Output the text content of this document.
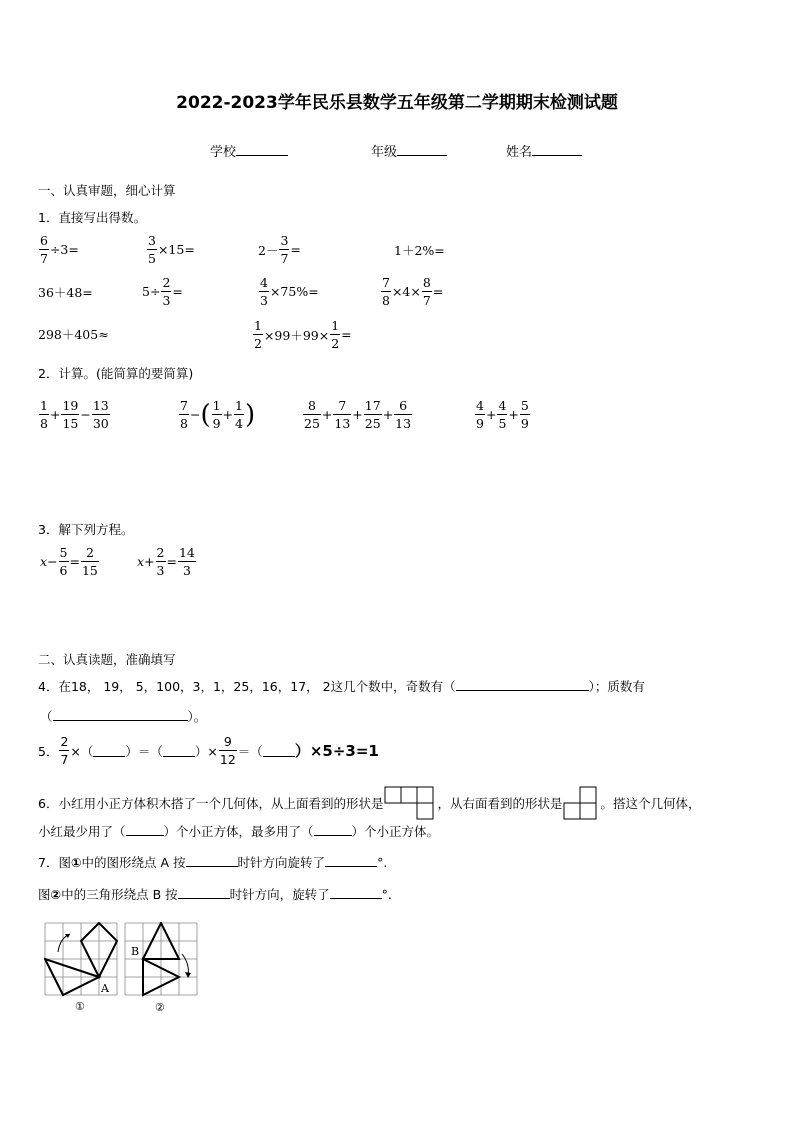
2022-2023学年民乐县数学五年级第二学期期末检测试题
学校	年级	姓名
一、认真审题，细心计算
1．直接写出得数。
$\frac{6}{7} \div 3=$	$\frac{3}{5} \times 15=$	$2- \frac{3}{7}$ =	1＋2%=
36＋48=	$5\div \frac{2}{3}$ =	$\frac{4}{3} \times 75\%=$	$\frac{7}{8} \times 4\times \frac{8}{7}$ =
298＋405≈	$\frac{1}{2} \times 99+99\times \frac{1}{2}$ =
2．计算。(能简算的要简算)
1
8
+ $\frac{19}{15} - \frac{13}{30}$	7
8
− ( 1
9
+ $\frac{1}{4}$ )	8
25
+ $\frac{7}{13} + \frac{17}{25} + \frac{6}{13}$	4
9
+ $\frac{4}{5} + \frac{5}{9}$
3．解下列方程。
$x - \frac{5}{6} = \frac{2}{15}$	$x + \frac{2}{3} = \frac{14}{3}$
二、认真读题，准确填写
4．在18， 19， 5，100，3，1，25，16，17， 2这几个数中，奇数有（	）；质数有
（	）。
5． $\frac{2}{7}$ ×（	）＝（	）× $\frac{9}{12}$ ＝（ ）×5÷3=1
6．小红用小正方体积木搭了一个几何体，从上面看到的形状是	，从右面看到的形状是	。搭这个几何体，
小红最少用了（	）个小正方体，最多用了（	）个小正方体。
7．图①中的图形绕点 A 按	时针方向旋转了	°.
图②中的三角形绕点 B 按	时针方向，旋转了	°.
A
①
B
②
